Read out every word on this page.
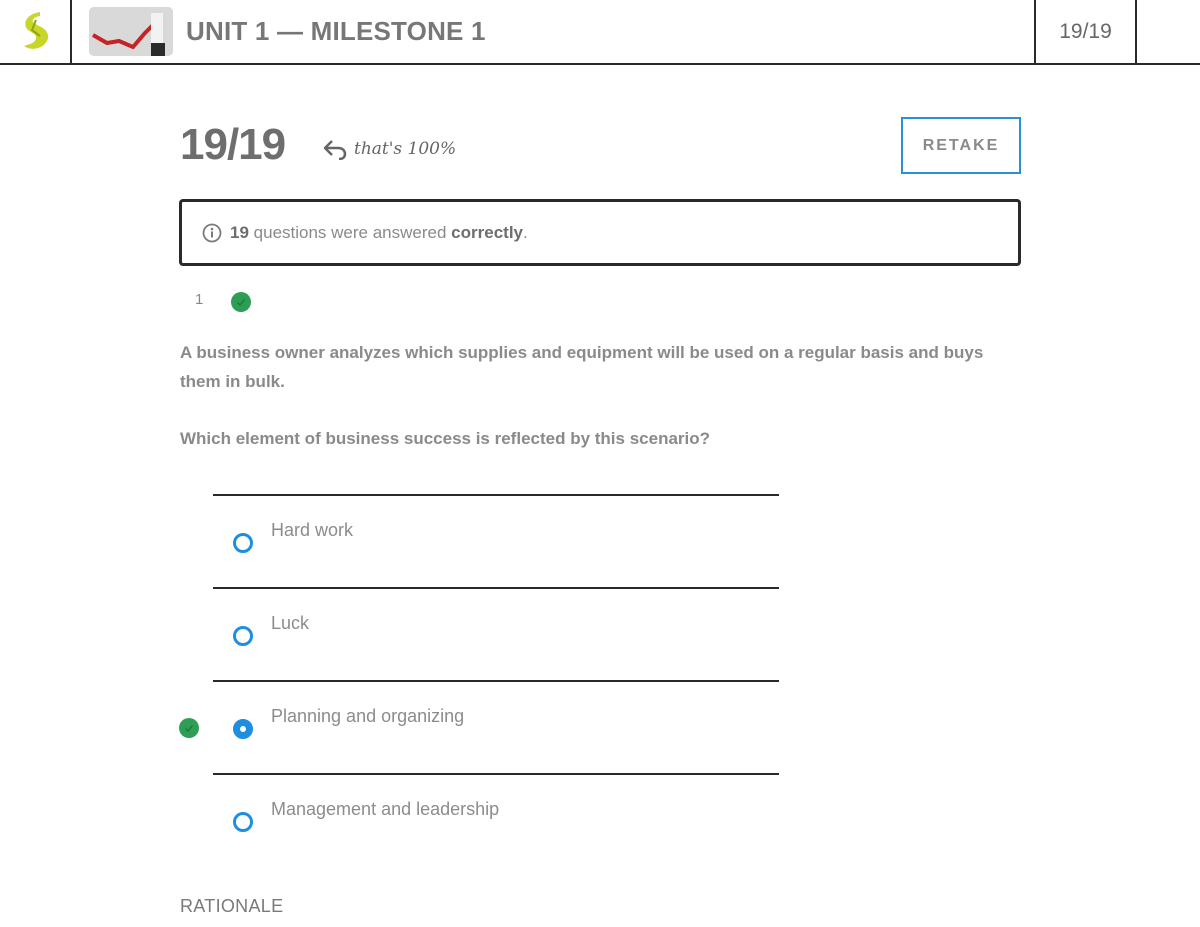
UNIT 1 — MILESTONE 1	19/19
19/19	that's 100%	RETAKE
19 questions were answered correctly.
1
A business owner analyzes which supplies and equipment will be used on a regular basis and buys them in bulk.
Which element of business success is reflected by this scenario?
Hard work
Luck
Planning and organizing
Management and leadership
RATIONALE
